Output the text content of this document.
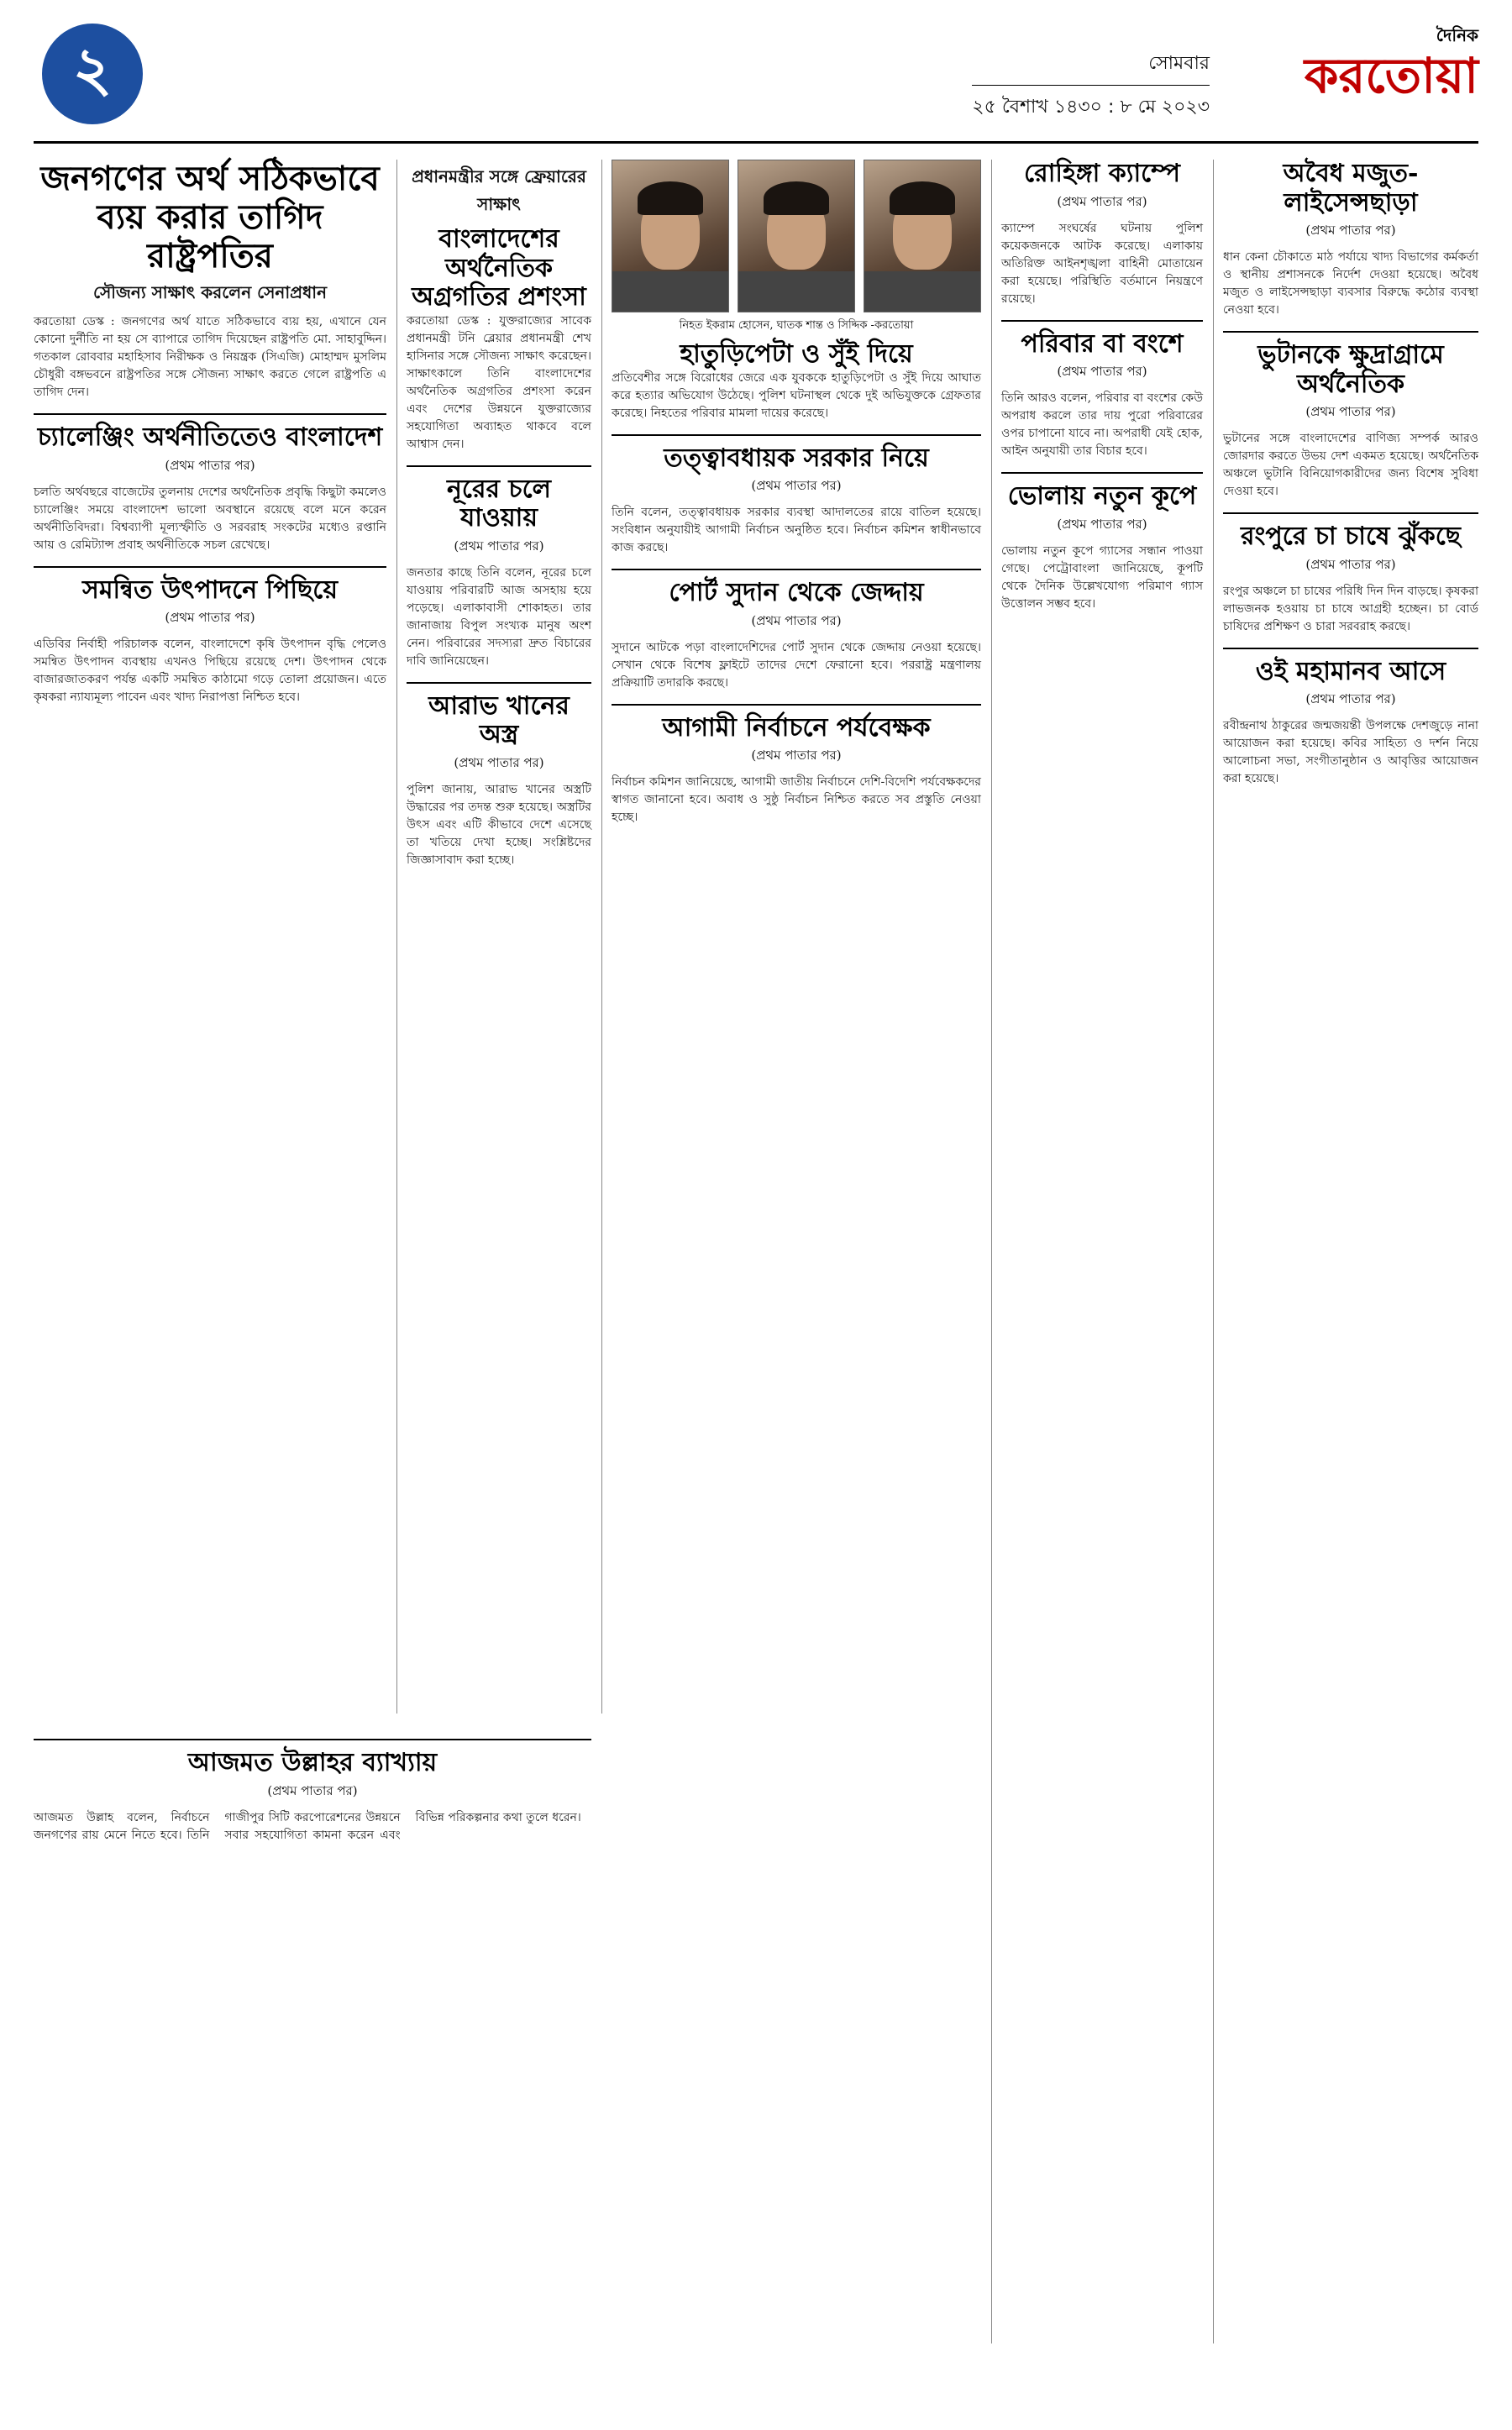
২	সোমবার
২৫ বৈশাখ ১৪৩০ : ৮ মে ২০২৩
দৈনিক
করতোয়া
জনগণের অর্থ সঠিকভাবে ব্যয় করার তাগিদ রাষ্ট্রপতির
সৌজন্য সাক্ষাৎ করলেন সেনাপ্রধান
করতোয়া ডেস্ক : জনগণের অর্থ যাতে সঠিকভাবে ব্যয় হয়, এখানে যেন কোনো দুর্নীতি না হয় সে ব্যাপারে তাগিদ দিয়েছেন রাষ্ট্রপতি মো. সাহাবুদ্দিন। গতকাল রোববার মহাহিসাব নিরীক্ষক ও নিয়ন্ত্রক (সিএজি) মোহাম্মদ মুসলিম চৌধুরী বঙ্গভবনে রাষ্ট্রপতির সঙ্গে সৌজন্য সাক্ষাৎ করতে গেলে রাষ্ট্রপতি এ তাগিদ দেন।
চ্যালেঞ্জিং অর্থনীতিতেও বাংলাদেশ
(প্রথম পাতার পর)
চলতি অর্থবছরে বাজেটের তুলনায় দেশের অর্থনৈতিক প্রবৃদ্ধি কিছুটা কমলেও চ্যালেঞ্জিং সময়ে বাংলাদেশ ভালো অবস্থানে রয়েছে বলে মনে করেন অর্থনীতিবিদরা। বিশ্বব্যাপী মূল্যস্ফীতি ও সরবরাহ সংকটের মধ্যেও রপ্তানি আয় ও রেমিট্যান্স প্রবাহ অর্থনীতিকে সচল রেখেছে।
সমন্বিত উৎপাদনে পিছিয়ে
(প্রথম পাতার পর)
এডিবির নির্বাহী পরিচালক বলেন, বাংলাদেশে কৃষি উৎপাদন বৃদ্ধি পেলেও সমন্বিত উৎপাদন ব্যবস্থায় এখনও পিছিয়ে রয়েছে দেশ। উৎপাদন থেকে বাজারজাতকরণ পর্যন্ত একটি সমন্বিত কাঠামো গড়ে তোলা প্রয়োজন। এতে কৃষকরা ন্যায্যমূল্য পাবেন এবং খাদ্য নিরাপত্তা নিশ্চিত হবে।
প্রধানমন্ত্রীর সঙ্গে ফ্রেয়ারের সাক্ষাৎ
বাংলাদেশের অর্থনৈতিক অগ্রগতির প্রশংসা
করতোয়া ডেস্ক : যুক্তরাজ্যের সাবেক প্রধানমন্ত্রী টনি ব্লেয়ার প্রধানমন্ত্রী শেখ হাসিনার সঙ্গে সৌজন্য সাক্ষাৎ করেছেন। সাক্ষাৎকালে তিনি বাংলাদেশের অর্থনৈতিক অগ্রগতির প্রশংসা করেন এবং দেশের উন্নয়নে যুক্তরাজ্যের সহযোগিতা অব্যাহত থাকবে বলে আশ্বাস দেন।
নূরের চলে যাওয়ায়
(প্রথম পাতার পর)
জনতার কাছে তিনি বলেন, নূরের চলে যাওয়ায় পরিবারটি আজ অসহায় হয়ে পড়েছে। এলাকাবাসী শোকাহত। তার জানাজায় বিপুল সংখ্যক মানুষ অংশ নেন। পরিবারের সদস্যরা দ্রুত বিচারের দাবি জানিয়েছেন।
আরাভ খানের অস্ত্র
(প্রথম পাতার পর)
পুলিশ জানায়, আরাভ খানের অস্ত্রটি উদ্ধারের পর তদন্ত শুরু হয়েছে। অস্ত্রটির উৎস এবং এটি কীভাবে দেশে এসেছে তা খতিয়ে দেখা হচ্ছে। সংশ্লিষ্টদের জিজ্ঞাসাবাদ করা হচ্ছে।
নিহত ইকরাম হোসেন, ঘাতক শান্ত ও সিদ্দিক -করতোয়া
হাতুড়িপেটা ও সুঁই দিয়ে
প্রতিবেশীর সঙ্গে বিরোধের জেরে এক যুবককে হাতুড়িপেটা ও সুঁই দিয়ে আঘাত করে হত্যার অভিযোগ উঠেছে। পুলিশ ঘটনাস্থল থেকে দুই অভিযুক্তকে গ্রেফতার করেছে। নিহতের পরিবার মামলা দায়ের করেছে।
তত্ত্বাবধায়ক সরকার নিয়ে
(প্রথম পাতার পর)
তিনি বলেন, তত্ত্বাবধায়ক সরকার ব্যবস্থা আদালতের রায়ে বাতিল হয়েছে। সংবিধান অনুযায়ীই আগামী নির্বাচন অনুষ্ঠিত হবে। নির্বাচন কমিশন স্বাধীনভাবে কাজ করছে।
পোর্ট সুদান থেকে জেদ্দায়
(প্রথম পাতার পর)
সুদানে আটকে পড়া বাংলাদেশিদের পোর্ট সুদান থেকে জেদ্দায় নেওয়া হয়েছে। সেখান থেকে বিশেষ ফ্লাইটে তাদের দেশে ফেরানো হবে। পররাষ্ট্র মন্ত্রণালয় প্রক্রিয়াটি তদারকি করছে।
আগামী নির্বাচনে পর্যবেক্ষক
(প্রথম পাতার পর)
নির্বাচন কমিশন জানিয়েছে, আগামী জাতীয় নির্বাচনে দেশি-বিদেশি পর্যবেক্ষকদের স্বাগত জানানো হবে। অবাধ ও সুষ্ঠু নির্বাচন নিশ্চিত করতে সব প্রস্তুতি নেওয়া হচ্ছে।
রোহিঙ্গা ক্যাম্পে
(প্রথম পাতার পর)
ক্যাম্পে সংঘর্ষের ঘটনায় পুলিশ কয়েকজনকে আটক করেছে। এলাকায় অতিরিক্ত আইনশৃঙ্খলা বাহিনী মোতায়েন করা হয়েছে। পরিস্থিতি বর্তমানে নিয়ন্ত্রণে রয়েছে।
পরিবার বা বংশে
(প্রথম পাতার পর)
তিনি আরও বলেন, পরিবার বা বংশের কেউ অপরাধ করলে তার দায় পুরো পরিবারের ওপর চাপানো যাবে না। অপরাধী যেই হোক, আইন অনুযায়ী তার বিচার হবে।
ভোলায় নতুন কূপে
(প্রথম পাতার পর)
ভোলায় নতুন কূপে গ্যাসের সন্ধান পাওয়া গেছে। পেট্রোবাংলা জানিয়েছে, কূপটি থেকে দৈনিক উল্লেখযোগ্য পরিমাণ গ্যাস উত্তোলন সম্ভব হবে।
অবৈধ মজুত-লাইসেন্সছাড়া
(প্রথম পাতার পর)
ধান কেনা চৌকাতে মাঠ পর্যায়ে খাদ্য বিভাগের কর্মকর্তা ও স্থানীয় প্রশাসনকে নির্দেশ দেওয়া হয়েছে। অবৈধ মজুত ও লাইসেন্সছাড়া ব্যবসার বিরুদ্ধে কঠোর ব্যবস্থা নেওয়া হবে।
ভুটানকে ক্ষুদ্রাগ্রামে অর্থনৈতিক
(প্রথম পাতার পর)
ভুটানের সঙ্গে বাংলাদেশের বাণিজ্য সম্পর্ক আরও জোরদার করতে উভয় দেশ একমত হয়েছে। অর্থনৈতিক অঞ্চলে ভুটানি বিনিয়োগকারীদের জন্য বিশেষ সুবিধা দেওয়া হবে।
রংপুরে চা চাষে ঝুঁকছে
(প্রথম পাতার পর)
রংপুর অঞ্চলে চা চাষের পরিধি দিন দিন বাড়ছে। কৃষকরা লাভজনক হওয়ায় চা চাষে আগ্রহী হচ্ছেন। চা বোর্ড চাষিদের প্রশিক্ষণ ও চারা সরবরাহ করছে।
ওই মহামানব আসে
(প্রথম পাতার পর)
রবীন্দ্রনাথ ঠাকুরের জন্মজয়ন্তী উপলক্ষে দেশজুড়ে নানা আয়োজন করা হয়েছে। কবির সাহিত্য ও দর্শন নিয়ে আলোচনা সভা, সংগীতানুষ্ঠান ও আবৃত্তির আয়োজন করা হয়েছে।
আজমত উল্লাহর ব্যাখ্যায়
(প্রথম পাতার পর)
আজমত উল্লাহ বলেন, নির্বাচনে জনগণের রায় মেনে নিতে হবে। তিনি গাজীপুর সিটি করপোরেশনের উন্নয়নে সবার সহযোগিতা কামনা করেন এবং বিভিন্ন পরিকল্পনার কথা তুলে ধরেন।
